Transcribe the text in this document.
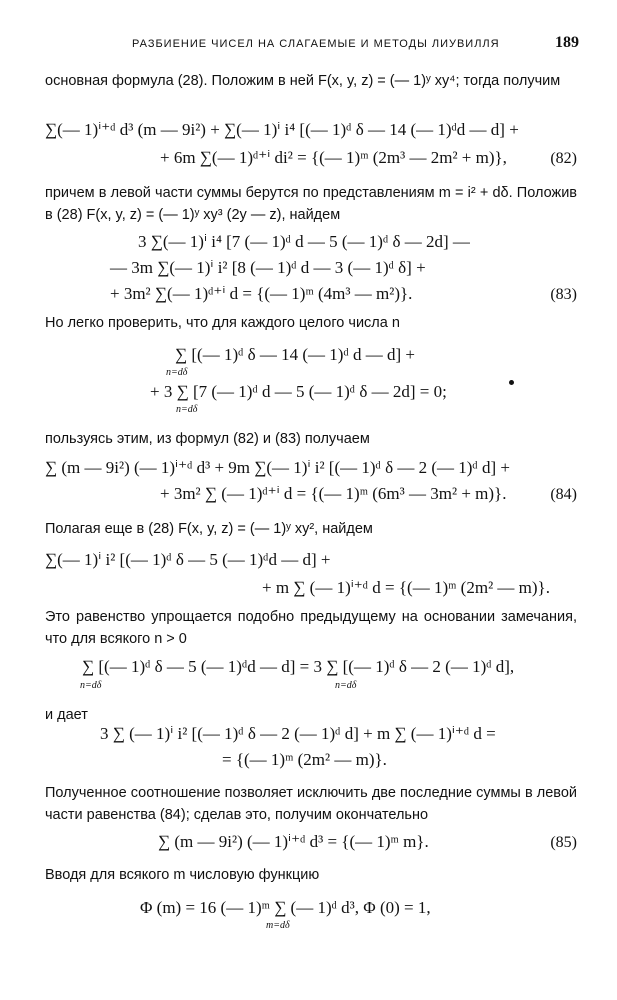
РАЗБИЕНИЕ ЧИСЕЛ НА СЛАГАЕМЫЕ И МЕТОДЫ ЛИУВИЛЛЯ	189
основная формула (28). Положим в ней F(x, y, z) = (— 1)ʸ xy⁴; тогда получим
∑(— 1)ⁱ⁺ᵈ d³ (m — 9i²) + ∑(— 1)ⁱ i⁴ [(— 1)ᵈ δ — 14 (— 1)ᵈd — d] +
+ 6m ∑(— 1)ᵈ⁺ⁱ di² = {(— 1)ᵐ (2m³ — 2m² + m)},	(82)
причем в левой части суммы берутся по представлениям m = i² + dδ. Положив в (28) F(x, y, z) = (— 1)ʸ xy³ (2y — z), найдем
3 ∑(— 1)ⁱ i⁴ [7 (— 1)ᵈ d — 5 (— 1)ᵈ δ — 2d] —
— 3m ∑(— 1)ⁱ i² [8 (— 1)ᵈ d — 3 (— 1)ᵈ δ] +
+ 3m² ∑(— 1)ᵈ⁺ⁱ d = {(— 1)ᵐ (4m³ — m²)}.	(83)
Но легко проверить, что для каждого целого числа n
∑ [(— 1)ᵈ δ — 14 (— 1)ᵈ d — d] +
n=dδ
+ 3 ∑ [7 (— 1)ᵈ d — 5 (— 1)ᵈ δ — 2d] = 0;
n=dδ
пользуясь этим, из формул (82) и (83) получаем
∑ (m — 9i²) (— 1)ⁱ⁺ᵈ d³ + 9m ∑(— 1)ⁱ i² [(— 1)ᵈ δ — 2 (— 1)ᵈ d] +
+ 3m² ∑ (— 1)ᵈ⁺ⁱ d = {(— 1)ᵐ (6m³ — 3m² + m)}.	(84)
Полагая еще в (28) F(x, y, z) = (— 1)ʸ xy², найдем
∑(— 1)ⁱ i² [(— 1)ᵈ δ — 5 (— 1)ᵈd — d] +
+ m ∑ (— 1)ⁱ⁺ᵈ d = {(— 1)ᵐ (2m² — m)}.
Это равенство упрощается подобно предыдущему на основании замечания, что для всякого n > 0
∑ [(— 1)ᵈ δ — 5 (— 1)ᵈd — d] = 3 ∑ [(— 1)ᵈ δ — 2 (— 1)ᵈ d],
n=dδ	n=dδ
и дает
3 ∑ (— 1)ⁱ i² [(— 1)ᵈ δ — 2 (— 1)ᵈ d] + m ∑ (— 1)ⁱ⁺ᵈ d =
= {(— 1)ᵐ (2m² — m)}.
Полученное соотношение позволяет исключить две последние суммы в левой части равенства (84); сделав это, получим окончательно
∑ (m — 9i²) (— 1)ⁱ⁺ᵈ d³ = {(— 1)ᵐ m}.	(85)
Вводя для всякого m числовую функцию
Φ (m) = 16 (— 1)ᵐ ∑ (— 1)ᵈ d³, Φ (0) = 1,
m=dδ
